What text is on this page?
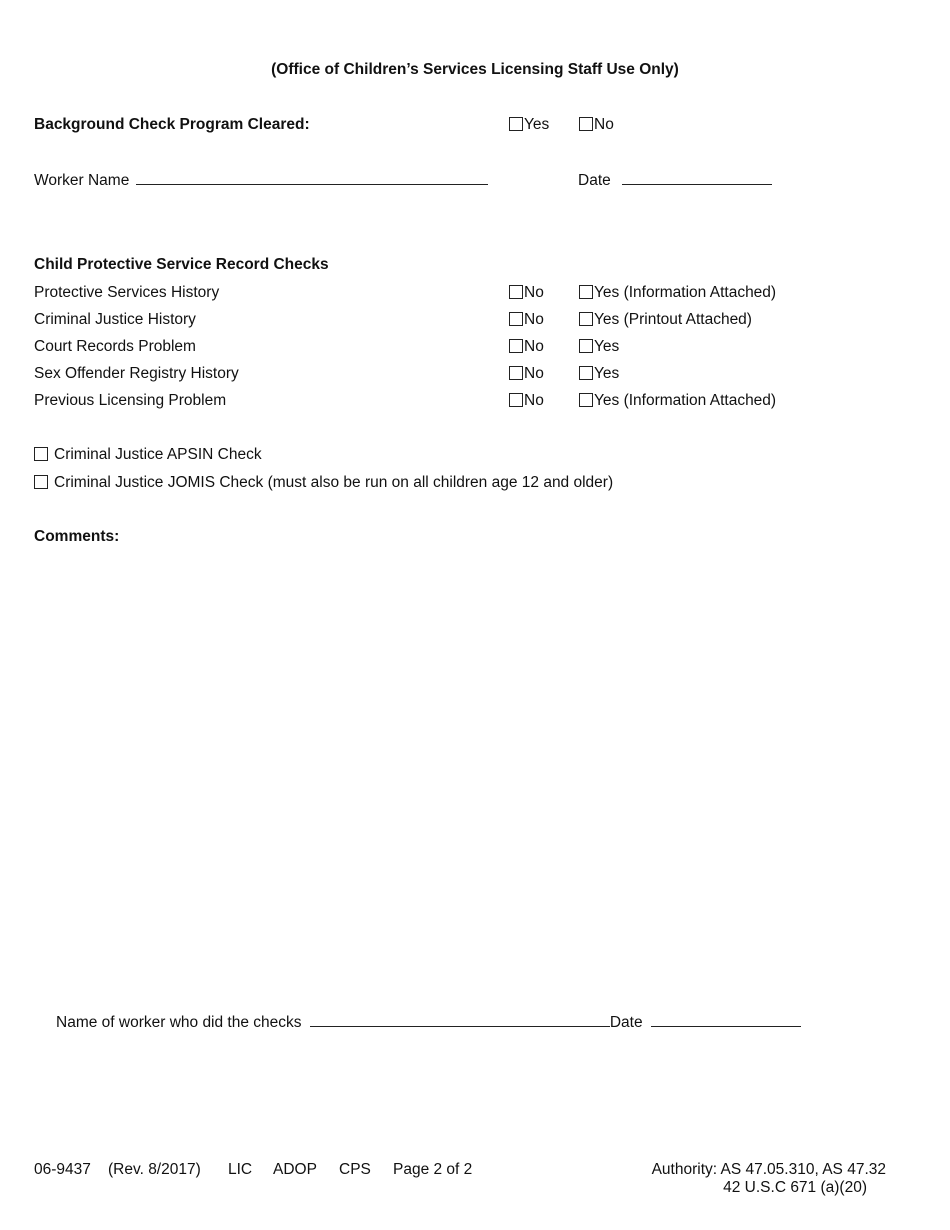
(Office of Children’s Services Licensing Staff Use Only)
Background Check Program Cleared:	Yes	No
Worker Name	Date
Child Protective Service Record Checks
Protective Services History	No	Yes (Information Attached)
Criminal Justice History	No	Yes (Printout Attached)
Court Records Problem	No	Yes
Sex Offender Registry History	No	Yes
Previous Licensing Problem	No	Yes (Information Attached)
Criminal Justice APSIN Check
Criminal Justice JOMIS Check (must also be run on all children age 12 and older)
Comments:
Name of worker who did the checks	Date
06-9437 (Rev. 8/2017) LIC ADOP CPS Page 2 of 2	Authority: AS 47.05.310, AS 47.32
42 U.S.C 671 (a)(20)
